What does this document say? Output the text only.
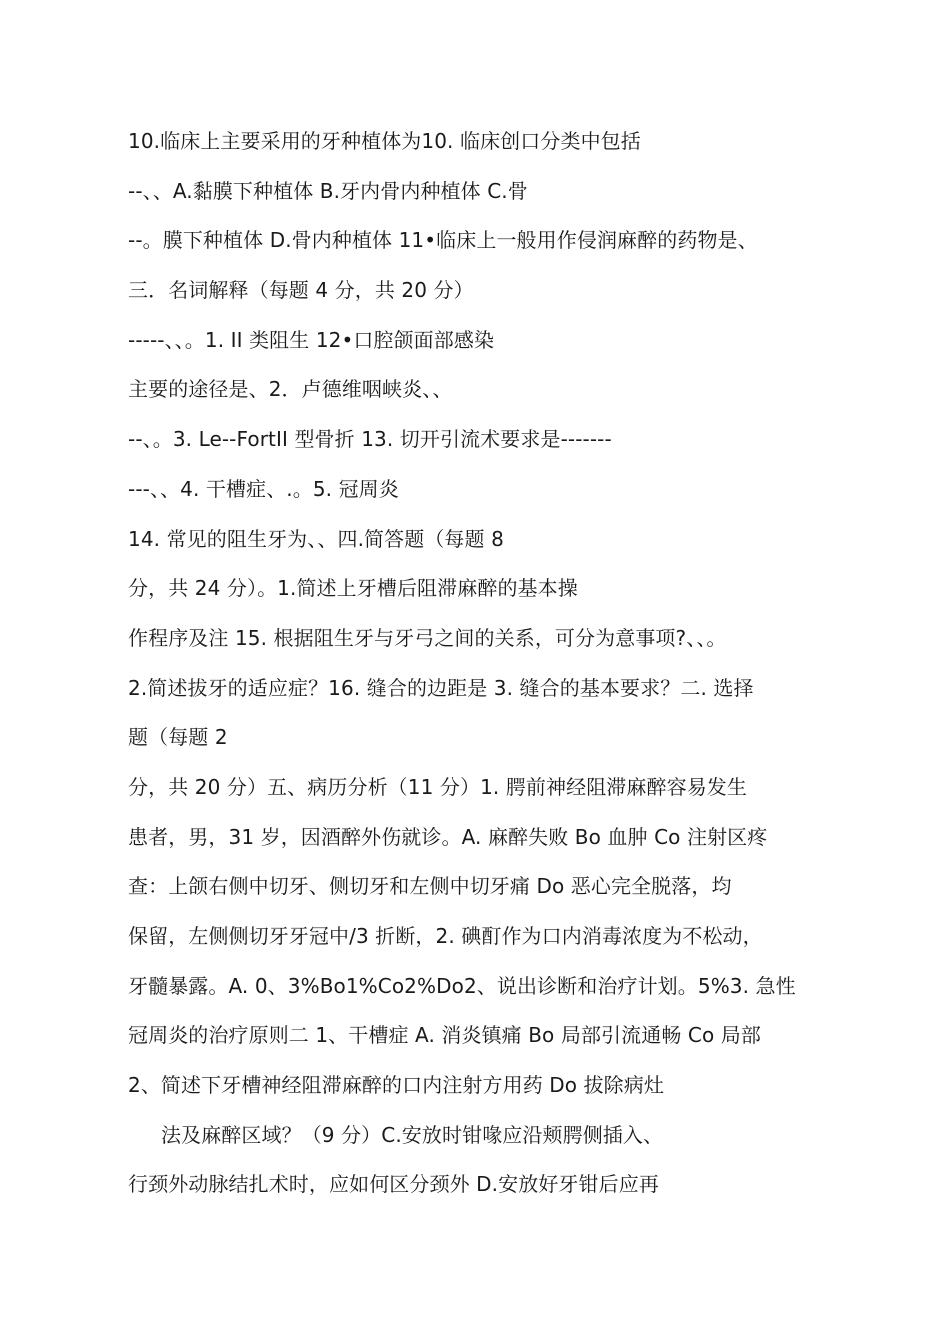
10.临床上主要采用的牙种植体为10. 临床创口分类中包括
--、、A.黏膜下种植体 B.牙内骨内种植体 C.骨
--。膜下种植体 D.骨内种植体 11•临床上一般用作侵润麻醉的药物是、
三．名词解释（每题 4 分，共 20 分）
-----、、。1. II 类阻生 12•口腔颌面部感染
主要的途径是、2．卢德维咽峡炎、、
--、。3. Le--FortII 型骨折 13. 切开引流术要求是-------
---、、4. 干槽症、.。5. 冠周炎
14. 常见的阻生牙为、、四.简答题（每题 8
分，共 24 分）。1.简述上牙槽后阻滞麻醉的基本操
作程序及注 15. 根据阻生牙与牙弓之间的关系，可分为意事项?、、。
2.简述拔牙的适应症？16. 缝合的边距是 3. 缝合的基本要求？二. 选择
题（每题 2
分，共 20 分）五、病历分析（11 分）1. 腭前神经阻滞麻醉容易发生
患者，男，31 岁，因酒醉外伤就诊。A. 麻醉失败 Bo 血肿 Co 注射区疼
查：上颌右侧中切牙、侧切牙和左侧中切牙痛 Do 恶心完全脱落，均
保留，左侧侧切牙牙冠中/3 折断，2. 碘酊作为口内消毒浓度为不松动，
牙髓暴露。A. 0、3%Bo1%Co2%Do2、说出诊断和治疗计划。5%3. 急性
冠周炎的治疗原则二 1、干槽症 A. 消炎镇痛 Bo 局部引流通畅 Co 局部
2、简述下牙槽神经阻滞麻醉的口内注射方用药 Do 拔除病灶
法及麻醉区域？（9 分）C.安放时钳喙应沿颊腭侧插入、
行颈外动脉结扎术时，应如何区分颈外 D.安放好牙钳后应再
